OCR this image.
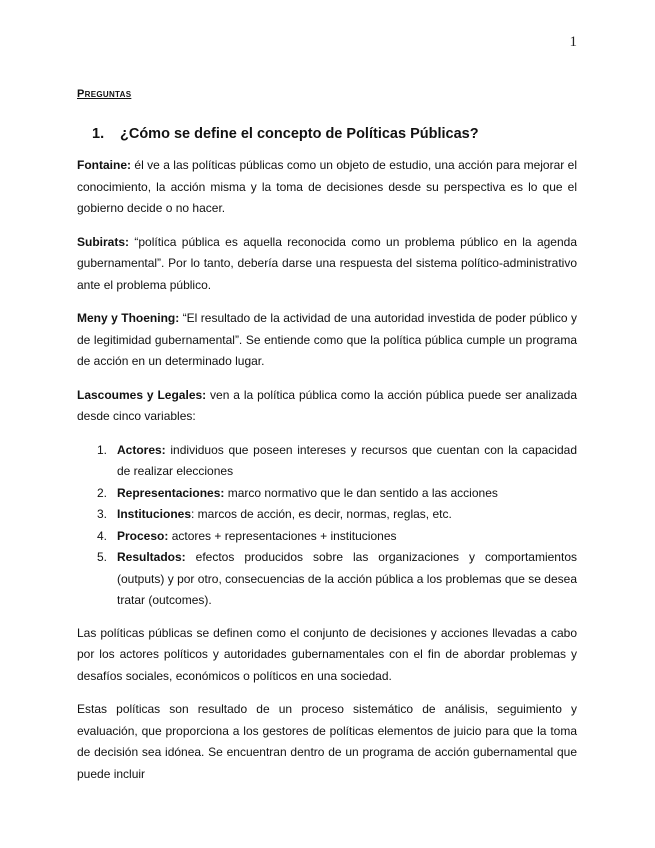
1
Preguntas
1.	¿Cómo se define el concepto de Políticas Públicas?

Fontaine: él ve a las políticas públicas como un objeto de estudio, una acción para mejorar el conocimiento, la acción misma y la toma de decisiones desde su perspectiva es lo que el gobierno decide o no hacer.

Subirats: “política pública es aquella reconocida como un problema público en la agenda gubernamental”. Por lo tanto, debería darse una respuesta del sistema político-administrativo ante el problema público.

Meny y Thoening: “El resultado de la actividad de una autoridad investida de poder público y de legitimidad gubernamental”. Se entiende como que la política pública cumple un programa de acción en un determinado lugar.

Lascoumes y Legales: ven a la política pública como la acción pública puede ser analizada desde cinco variables:

1. Actores: individuos que poseen intereses y recursos que cuentan con la capacidad de realizar elecciones
2. Representaciones: marco normativo que le dan sentido a las acciones
3. Instituciones: marcos de acción, es decir, normas, reglas, etc.
4. Proceso: actores + representaciones + instituciones
5. Resultados: efectos producidos sobre las organizaciones y comportamientos (outputs) y por otro, consecuencias de la acción pública a los problemas que se desea tratar (outcomes).

Las políticas públicas se definen como el conjunto de decisiones y acciones llevadas a cabo por los actores políticos y autoridades gubernamentales con el fin de abordar problemas y desafíos sociales, económicos o políticos en una sociedad.

Estas políticas son resultado de un proceso sistemático de análisis, seguimiento y evaluación, que proporciona a los gestores de políticas elementos de juicio para que la toma de decisión sea idónea. Se encuentran dentro de un programa de acción gubernamental que puede incluir
